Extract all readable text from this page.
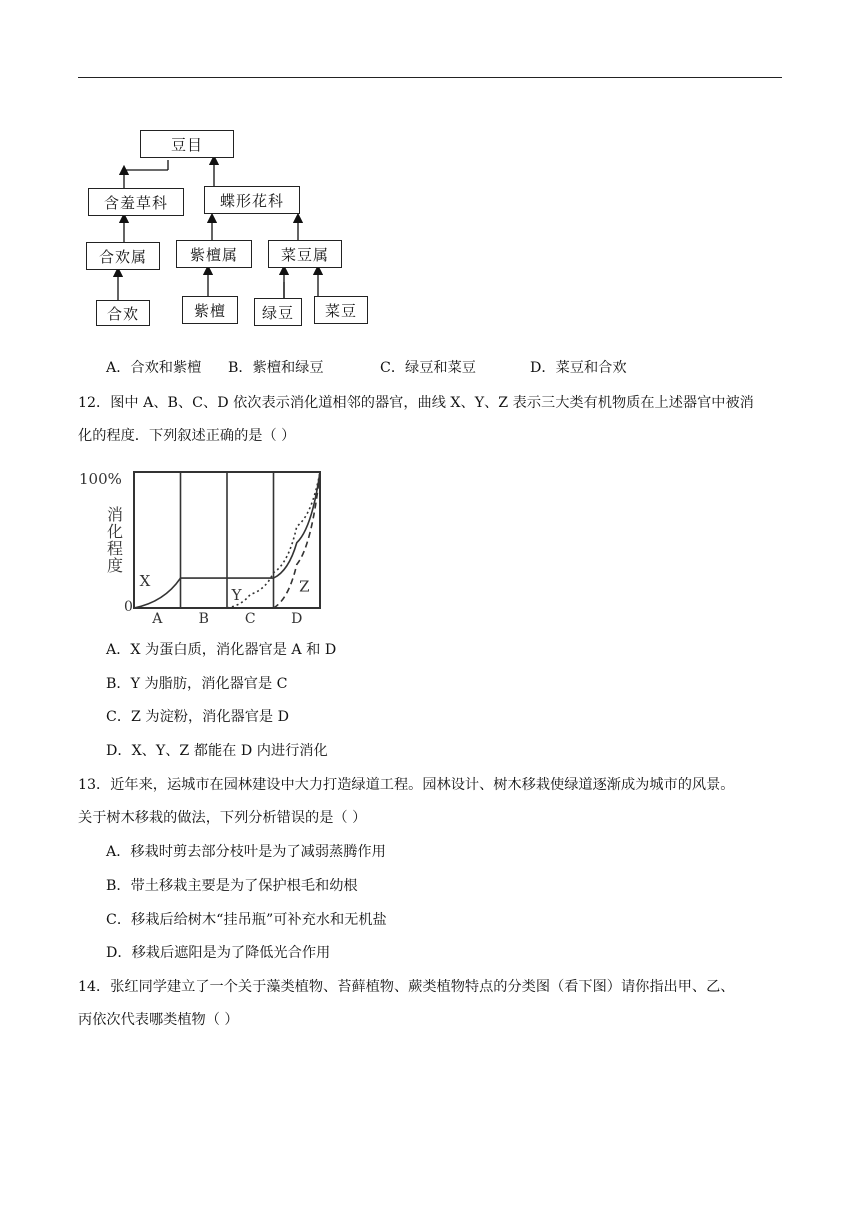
豆目
含羞草科	蝶形花科
合欢属	紫檀属	菜豆属
合欢	紫檀	绿豆	菜豆
A．合欢和紫檀 B．紫檀和绿豆	C．绿豆和菜豆	D．菜豆和合欢
12．图中 A、B、C、D 依次表示消化道相邻的器官，曲线 X、Y、Z 表示三大类有机物质在上述器官中被消
化的程度．下列叙述正确的是（ ）
100%
0
消化程度
A	B	C	D
X
Y	Z
A．X 为蛋白质，消化器官是 A 和 D
B．Y 为脂肪，消化器官是 C
C．Z 为淀粉，消化器官是 D
D．X、Y、Z 都能在 D 内进行消化
13．近年来，运城市在园林建设中大力打造绿道工程。园林设计、树木移栽使绿道逐渐成为城市的风景。
关于树木移栽的做法，下列分析错误的是（ ）
A．移栽时剪去部分枝叶是为了减弱蒸腾作用
B．带土移栽主要是为了保护根毛和幼根
C．移栽后给树木“挂吊瓶”可补充水和无机盐
D．移栽后遮阳是为了降低光合作用
14．张红同学建立了一个关于藻类植物、苔藓植物、蕨类植物特点的分类图（看下图）请你指出甲、乙、
丙依次代表哪类植物（ ）
